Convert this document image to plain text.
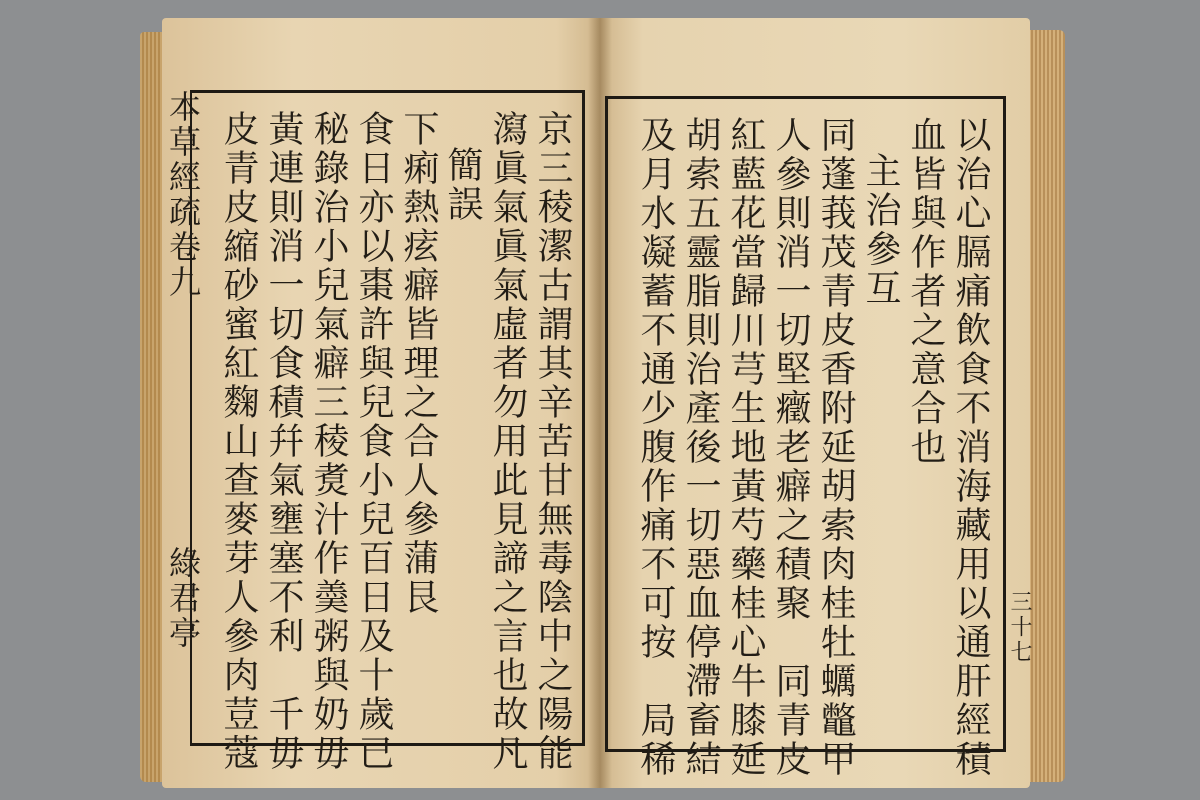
本草經疏卷九
綠君亭	三十七
京三稜潔古謂其辛苦甘無毒陰中之陽能
瀉眞氣眞氣虛者勿用此見諦之言也故凡
簡誤
下痢熱痃癖皆理之合人參蒲艮
食日亦以棗許與兒食小兒百日及十歲已
秘錄治小兒氣癖三稜煑汁作羮粥與奶毋
黃連則消一切食積幷氣壅塞不利　千毋
皮青皮縮砂蜜紅麴山查麥芽人參肉荳蔻	以治心膈痛飲食不消海藏用以通肝經積
血皆與作者之意合也
主治參互
同蓬莪茂青皮香附延胡索肉桂牡蠣鼈甲
人參則消一切堅癥老癖之積聚　同青皮
紅藍花當歸川芎生地黃芍藥桂心牛膝延
胡索五靈脂則治產後一切惡血停滯畜結
及月水凝蓄不通少腹作痛不可按　局稀
